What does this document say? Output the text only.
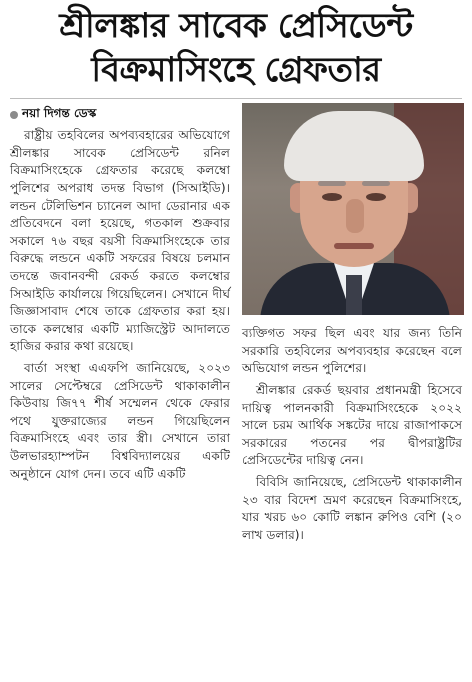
শ্রীলঙ্কার সাবেক প্রেসিডেন্ট
বিক্রমাসিংহে গ্রেফতার
নয়া দিগন্ত ডেস্ক

রাষ্ট্রীয় তহবিলের অপব্যবহারের অভিযোগে শ্রীলঙ্কার সাবেক প্রেসিডেন্ট রনিল বিক্রমাসিংহেকে গ্রেফতার করেছে কলম্বো পুলিশের অপরাধ তদন্ত বিভাগ (সিআইডি)। লন্ডন টেলিভিশন চ্যানেল আদা ডেরানার এক প্রতিবেদনে বলা হয়েছে, গতকাল শুক্রবার সকালে ৭৬ বছর বয়সী বিক্রমাসিংহেকে তার বিরুদ্ধে লন্ডনে একটি সফরের বিষয়ে চলমান তদন্তে জবানবন্দী রেকর্ড করতে কলম্বোর সিআইডি কার্যালয়ে গিয়েছিলেন। সেখানে দীর্ঘ জিজ্ঞাসাবাদ শেষে তাকে গ্রেফতার করা হয়। তাকে কলম্বোর একটি ম্যাজিস্ট্রেট আদালতে হাজির করার কথা রয়েছে।

বার্তা সংস্থা এএফপি জানিয়েছে, ২০২৩ সালের সেপ্টেম্বরে প্রেসিডেন্ট থাকাকালীন কিউবায় জি৭৭ শীর্ষ সম্মেলন থেকে ফেরার পথে যুক্তরাজ্যের লন্ডন গিয়েছিলেন বিক্রমাসিংহে এবং তার স্ত্রী। সেখানে তারা উলভারহ্যাম্পটন বিশ্ববিদ্যালয়ের একটি অনুষ্ঠানে যোগ দেন। তবে এটি একটি

ব্যক্তিগত সফর ছিল এবং যার জন্য তিনি সরকারি তহবিলের অপব্যবহার করেছেন বলে অভিযোগ লন্ডন পুলিশের।

শ্রীলঙ্কার রেকর্ড ছয়বার প্রধানমন্ত্রী হিসেবে দায়িত্ব পালনকারী বিক্রমাসিংহেকে ২০২২ সালে চরম আর্থিক সঙ্কটের দায়ে রাজাপাকসে সরকারের পতনের পর দ্বীপরাষ্ট্রটির প্রেসিডেন্টের দায়িত্ব নেন।

বিবিসি জানিয়েছে, প্রেসিডেন্ট থাকাকালীন ২৩ বার বিদেশ ভ্রমণ করেছেন বিক্রমাসিংহে, যার খরচ ৬০ কোটি লঙ্কান রুপিও বেশি (২০ লাখ ডলার)।
